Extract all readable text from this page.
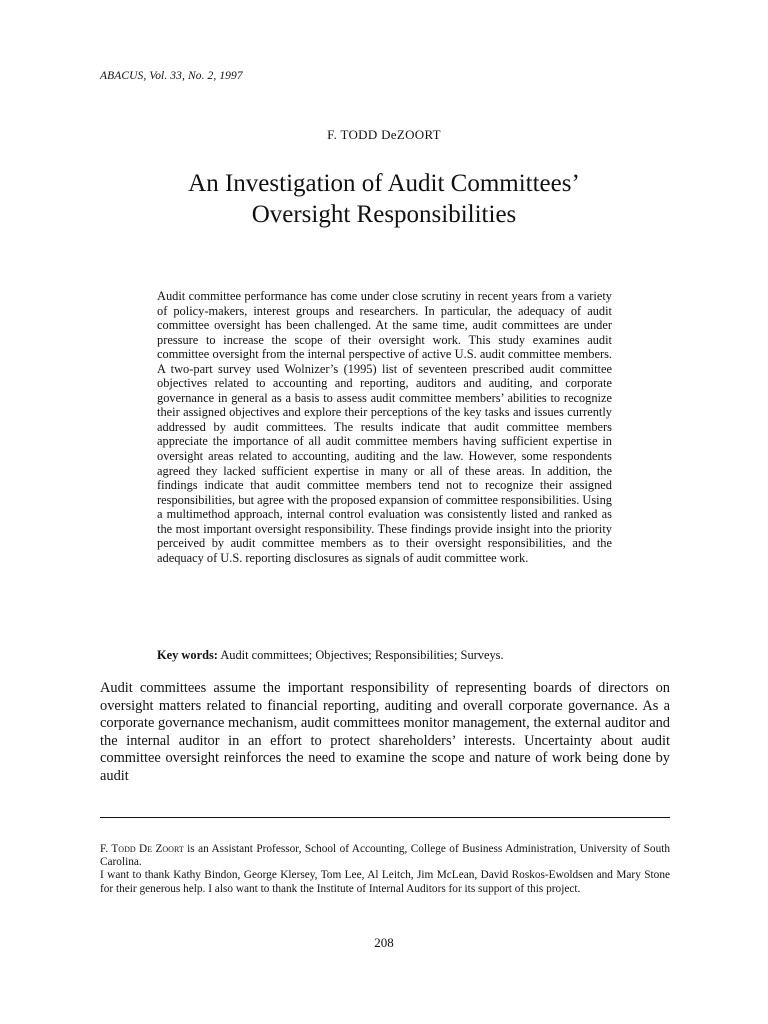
ABACUS, Vol. 33, No. 2, 1997
F. TODD DeZOORT
An Investigation of Audit Committees’
Oversight Responsibilities

Audit committee performance has come under close scrutiny in recent years from a variety of policy-makers, interest groups and researchers. In particular, the adequacy of audit committee oversight has been challenged. At the same time, audit committees are under pressure to increase the scope of their oversight work. This study examines audit committee oversight from the internal perspective of active U.S. audit committee members. A two-part survey used Wolnizer’s (1995) list of seventeen prescribed audit committee objectives related to accounting and reporting, auditors and auditing, and corporate governance in general as a basis to assess audit committee members’ abilities to recognize their assigned objectives and explore their perceptions of the key tasks and issues currently addressed by audit committees. The results indicate that audit committee members appreciate the importance of all audit committee members having sufficient expertise in oversight areas related to accounting, auditing and the law. However, some respondents agreed they lacked sufficient expertise in many or all of these areas. In addition, the findings indicate that audit committee members tend not to recognize their assigned responsibilities, but agree with the proposed expansion of committee responsibilities. Using a multimethod approach, internal control evaluation was consistently listed and ranked as the most important oversight responsibility. These findings provide insight into the priority perceived by audit committee members as to their oversight responsibilities, and the adequacy of U.S. reporting disclosures as signals of audit committee work.

Key words: Audit committees; Objectives; Responsibilities; Surveys.

Audit committees assume the important responsibility of representing boards of directors on oversight matters related to financial reporting, auditing and overall corporate governance. As a corporate governance mechanism, audit committees monitor management, the external auditor and the internal auditor in an effort to protect shareholders’ interests. Uncertainty about audit committee oversight reinforces the need to examine the scope and nature of work being done by audit

F. Todd De Zoort is an Assistant Professor, School of Accounting, College of Business Administration, University of South Carolina.

I want to thank Kathy Bindon, George Klersey, Tom Lee, Al Leitch, Jim McLean, David Roskos-Ewoldsen and Mary Stone for their generous help. I also want to thank the Institute of Internal Auditors for its support of this project.

208
